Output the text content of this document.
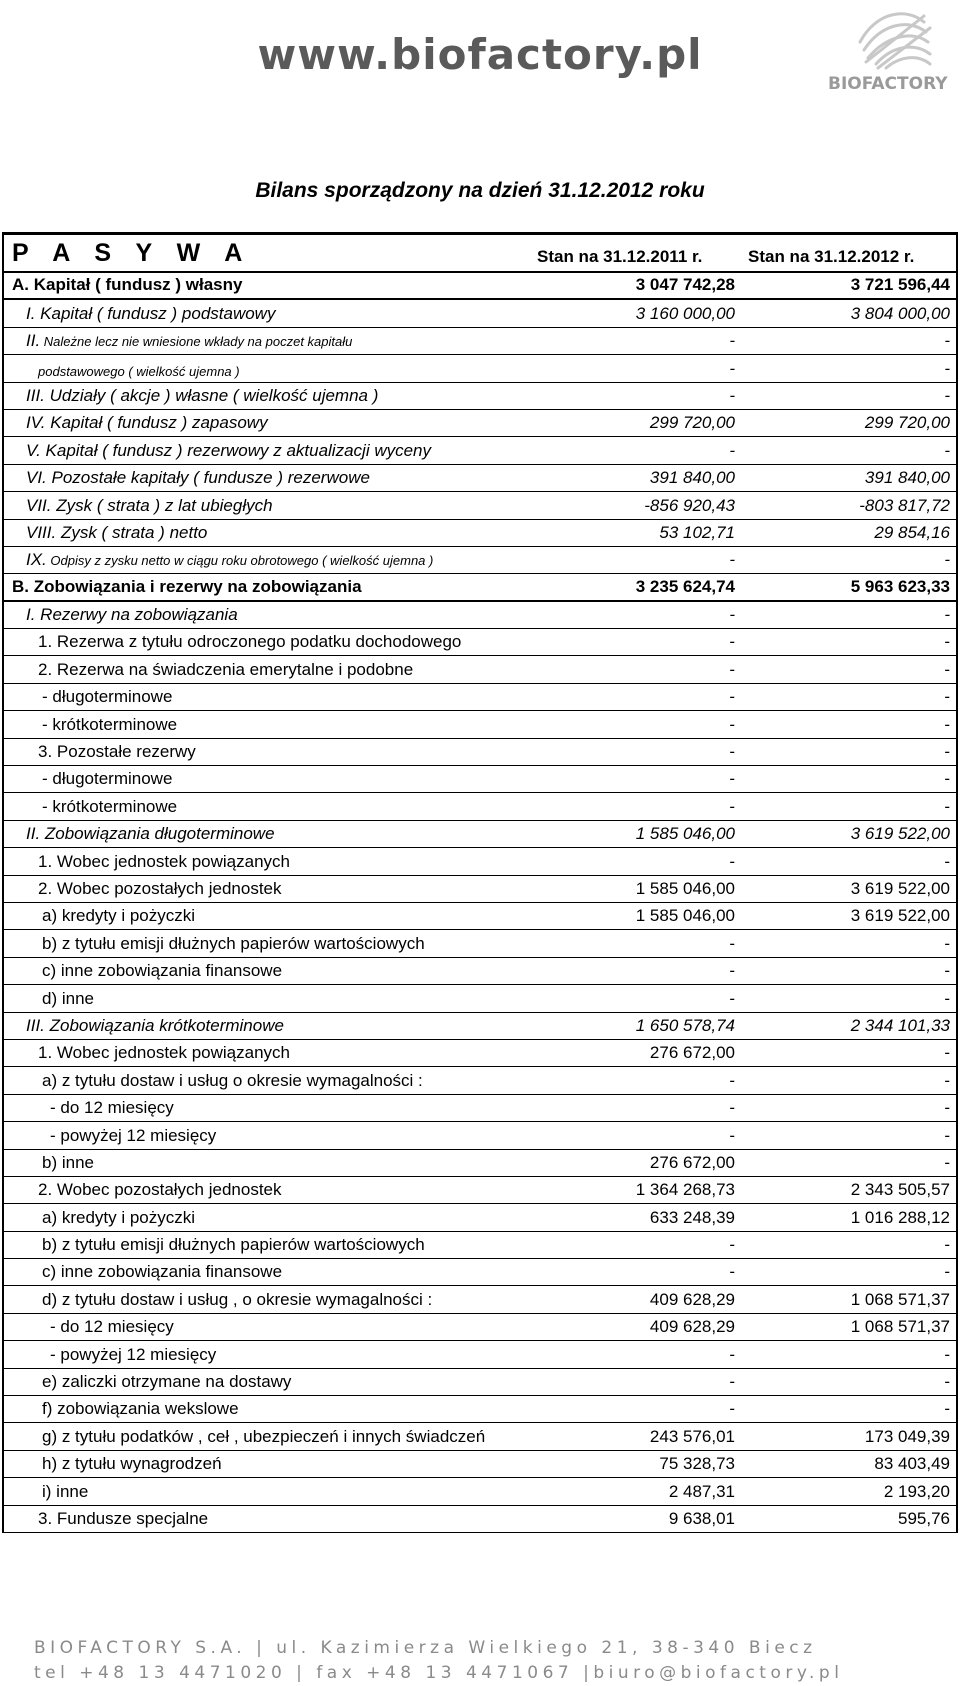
www.biofactory.pl
BIOFACTORY
Bilans sporządzony na dzień 31.12.2012 roku
P A S Y W A	Stan na 31.12.2011 r.	Stan na 31.12.2012 r.
A. Kapitał ( fundusz ) własny	3 047 742,28	3 721 596,44
I. Kapitał ( fundusz ) podstawowy	3 160 000,00	3 804 000,00
II. Należne lecz nie wniesione wkłady na poczet kapitału	-	-
podstawowego ( wielkość ujemna )	-	-
III. Udziały ( akcje ) własne ( wielkość ujemna )	-	-
IV. Kapitał ( fundusz ) zapasowy	299 720,00	299 720,00
V. Kapitał ( fundusz ) rezerwowy z aktualizacji wyceny	-	-
VI. Pozostałe kapitały ( fundusze ) rezerwowe	391 840,00	391 840,00
VII. Zysk ( strata ) z lat ubiegłych	-856 920,43	-803 817,72
VIII. Zysk ( strata ) netto	53 102,71	29 854,16
IX. Odpisy z zysku netto w ciągu roku obrotowego ( wielkość ujemna )	-	-
B. Zobowiązania i rezerwy na zobowiązania	3 235 624,74	5 963 623,33
I. Rezerwy na zobowiązania	-	-
1. Rezerwa z tytułu odroczonego podatku dochodowego	-	-
2. Rezerwa na świadczenia emerytalne i podobne	-	-
- długoterminowe	-	-
- krótkoterminowe	-	-
3. Pozostałe rezerwy	-	-
- długoterminowe	-	-
- krótkoterminowe	-	-
II. Zobowiązania długoterminowe	1 585 046,00	3 619 522,00
1. Wobec jednostek powiązanych	-	-
2. Wobec pozostałych jednostek	1 585 046,00	3 619 522,00
a) kredyty i pożyczki	1 585 046,00	3 619 522,00
b) z tytułu emisji dłużnych papierów wartościowych	-	-
c) inne zobowiązania finansowe	-	-
d) inne	-	-
III. Zobowiązania krótkoterminowe	1 650 578,74	2 344 101,33
1. Wobec jednostek powiązanych	276 672,00	-
a) z tytułu dostaw i usług o okresie wymagalności :	-	-
- do 12 miesięcy	-	-
- powyżej 12 miesięcy	-	-
b) inne	276 672,00	-
2. Wobec pozostałych jednostek	1 364 268,73	2 343 505,57
a) kredyty i pożyczki	633 248,39	1 016 288,12
b) z tytułu emisji dłużnych papierów wartościowych	-	-
c) inne zobowiązania finansowe	-	-
d) z tytułu dostaw i usług , o okresie wymagalności :	409 628,29	1 068 571,37
- do 12 miesięcy	409 628,29	1 068 571,37
- powyżej 12 miesięcy	-	-
e) zaliczki otrzymane na dostawy	-	-
f) zobowiązania wekslowe	-	-
g) z tytułu podatków , ceł , ubezpieczeń i innych świadczeń	243 576,01	173 049,39
h) z tytułu wynagrodzeń	75 328,73	83 403,49
i) inne	2 487,31	2 193,20
3. Fundusze specjalne	9 638,01	595,76
BIOFACTORY S.A. | ul. Kazimierza Wielkiego 21, 38-340 Biecz
tel +48 13 4471020 | fax +48 13 4471067 |biuro@biofactory.pl
